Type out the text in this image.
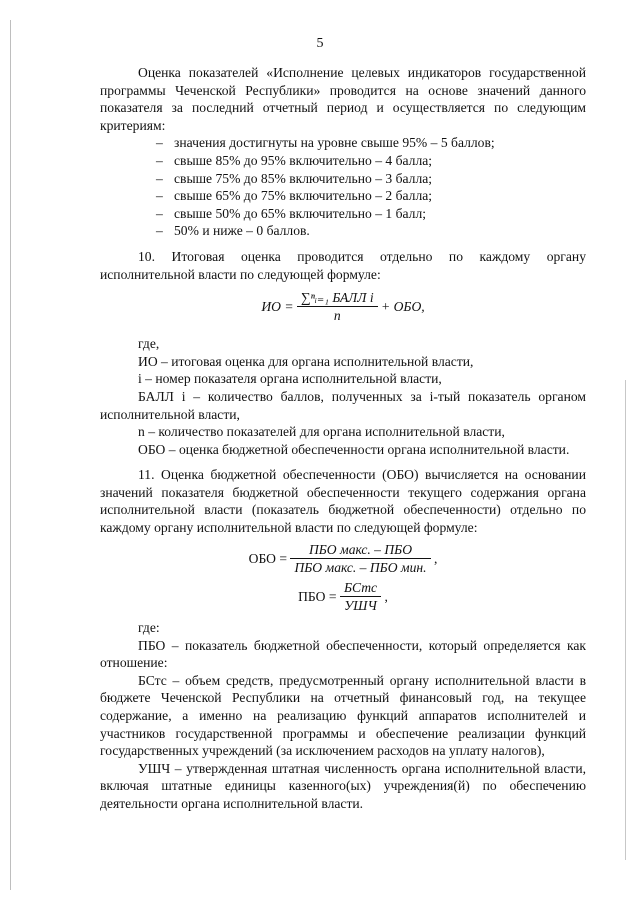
5

Оценка показателей «Исполнение целевых индикаторов государственной программы Чеченской Республики» проводится на основе значений данного показателя за последний отчетный период и осуществляется по следующим критериям:

– значения достигнуты на уровне свыше 95% – 5 баллов;
– свыше 85% до 95% включительно – 4 балла;
– свыше 75% до 85% включительно – 3 балла;
– свыше 65% до 75% включительно – 2 балла;
– свыше 50% до 65% включительно – 1 балл;
– 50% и ниже – 0 баллов.

10. Итоговая оценка проводится отдельно по каждому органу исполнительной власти по следующей формуле:

ИО = $\frac{\text{∑ⁿᵢ₌₁ БАЛЛ i}}{n}$ + ОБО,

где,

ИО – итоговая оценка для органа исполнительной власти,

i – номер показателя органа исполнительной власти,

БАЛЛ i – количество баллов, полученных за i-тый показатель органом исполнительной власти,

n – количество показателей для органа исполнительной власти,

ОБО – оценка бюджетной обеспеченности органа исполнительной власти.

11. Оценка бюджетной обеспеченности (ОБО) вычисляется на основании значений показателя бюджетной обеспеченности текущего содержания органа исполнительной власти (показатель бюджетной обеспеченности) отдельно по каждому органу исполнительной власти по следующей формуле:

ОБО = $\frac{\text{ПБО макс. – ПБО}}{\text{ПБО макс. – ПБО мин.}}$ ,
ПБО = $\frac{\text{БСтс}}{\text{УШЧ}}$ ,

где:

ПБО – показатель бюджетной обеспеченности, который определяется как отношение:

БСтс – объем средств, предусмотренный органу исполнительной власти в бюджете Чеченской Республики на отчетный финансовый год, на текущее содержание, а именно на реализацию функций аппаратов исполнителей и участников государственной программы и обеспечение реализации функций государственных учреждений (за исключением расходов на уплату налогов),

УШЧ – утвержденная штатная численность органа исполнительной власти, включая штатные единицы казенного(ых) учреждения(й) по обеспечению деятельности органа исполнительной власти.
